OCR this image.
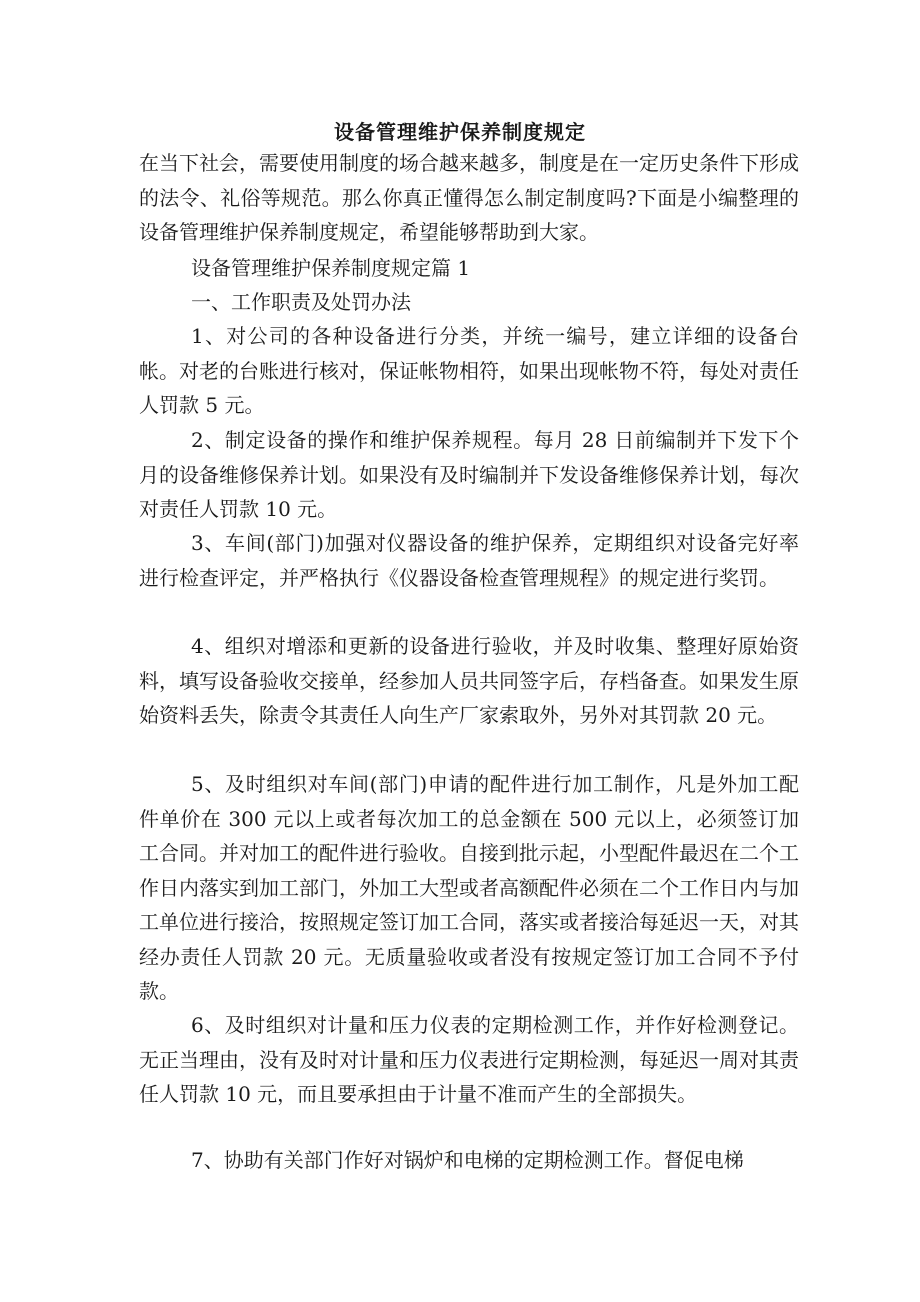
设备管理维护保养制度规定

在当下社会，需要使用制度的场合越来越多，制度是在一定历史条件下形成的法令、礼俗等规范。那么你真正懂得怎么制定制度吗?下面是小编整理的设备管理维护保养制度规定，希望能够帮助到大家。

设备管理维护保养制度规定篇 1
一、工作职责及处罚办法

1、对公司的各种设备进行分类，并统一编号，建立详细的设备台帐。对老的台账进行核对，保证帐物相符，如果出现帐物不符，每处对责任人罚款 5 元。

2、制定设备的操作和维护保养规程。每月 28 日前编制并下发下个月的设备维修保养计划。如果没有及时编制并下发设备维修保养计划，每次对责任人罚款 10 元。

3、车间(部门)加强对仪器设备的维护保养，定期组织对设备完好率进行检查评定，并严格执行《仪器设备检查管理规程》的规定进行奖罚。

4、组织对增添和更新的设备进行验收，并及时收集、整理好原始资料，填写设备验收交接单，经参加人员共同签字后，存档备查。如果发生原始资料丢失，除责令其责任人向生产厂家索取外，另外对其罚款 20 元。

5、及时组织对车间(部门)申请的配件进行加工制作，凡是外加工配件单价在 300 元以上或者每次加工的总金额在 500 元以上，必须签订加工合同。并对加工的配件进行验收。自接到批示起，小型配件最迟在二个工作日内落实到加工部门，外加工大型或者高额配件必须在二个工作日内与加工单位进行接洽，按照规定签订加工合同，落实或者接洽每延迟一天，对其经办责任人罚款 20 元。无质量验收或者没有按规定签订加工合同不予付款。

6、及时组织对计量和压力仪表的定期检测工作，并作好检测登记。无正当理由，没有及时对计量和压力仪表进行定期检测，每延迟一周对其责任人罚款 10 元，而且要承担由于计量不准而产生的全部损失。

7、协助有关部门作好对锅炉和电梯的定期检测工作。督促电梯
